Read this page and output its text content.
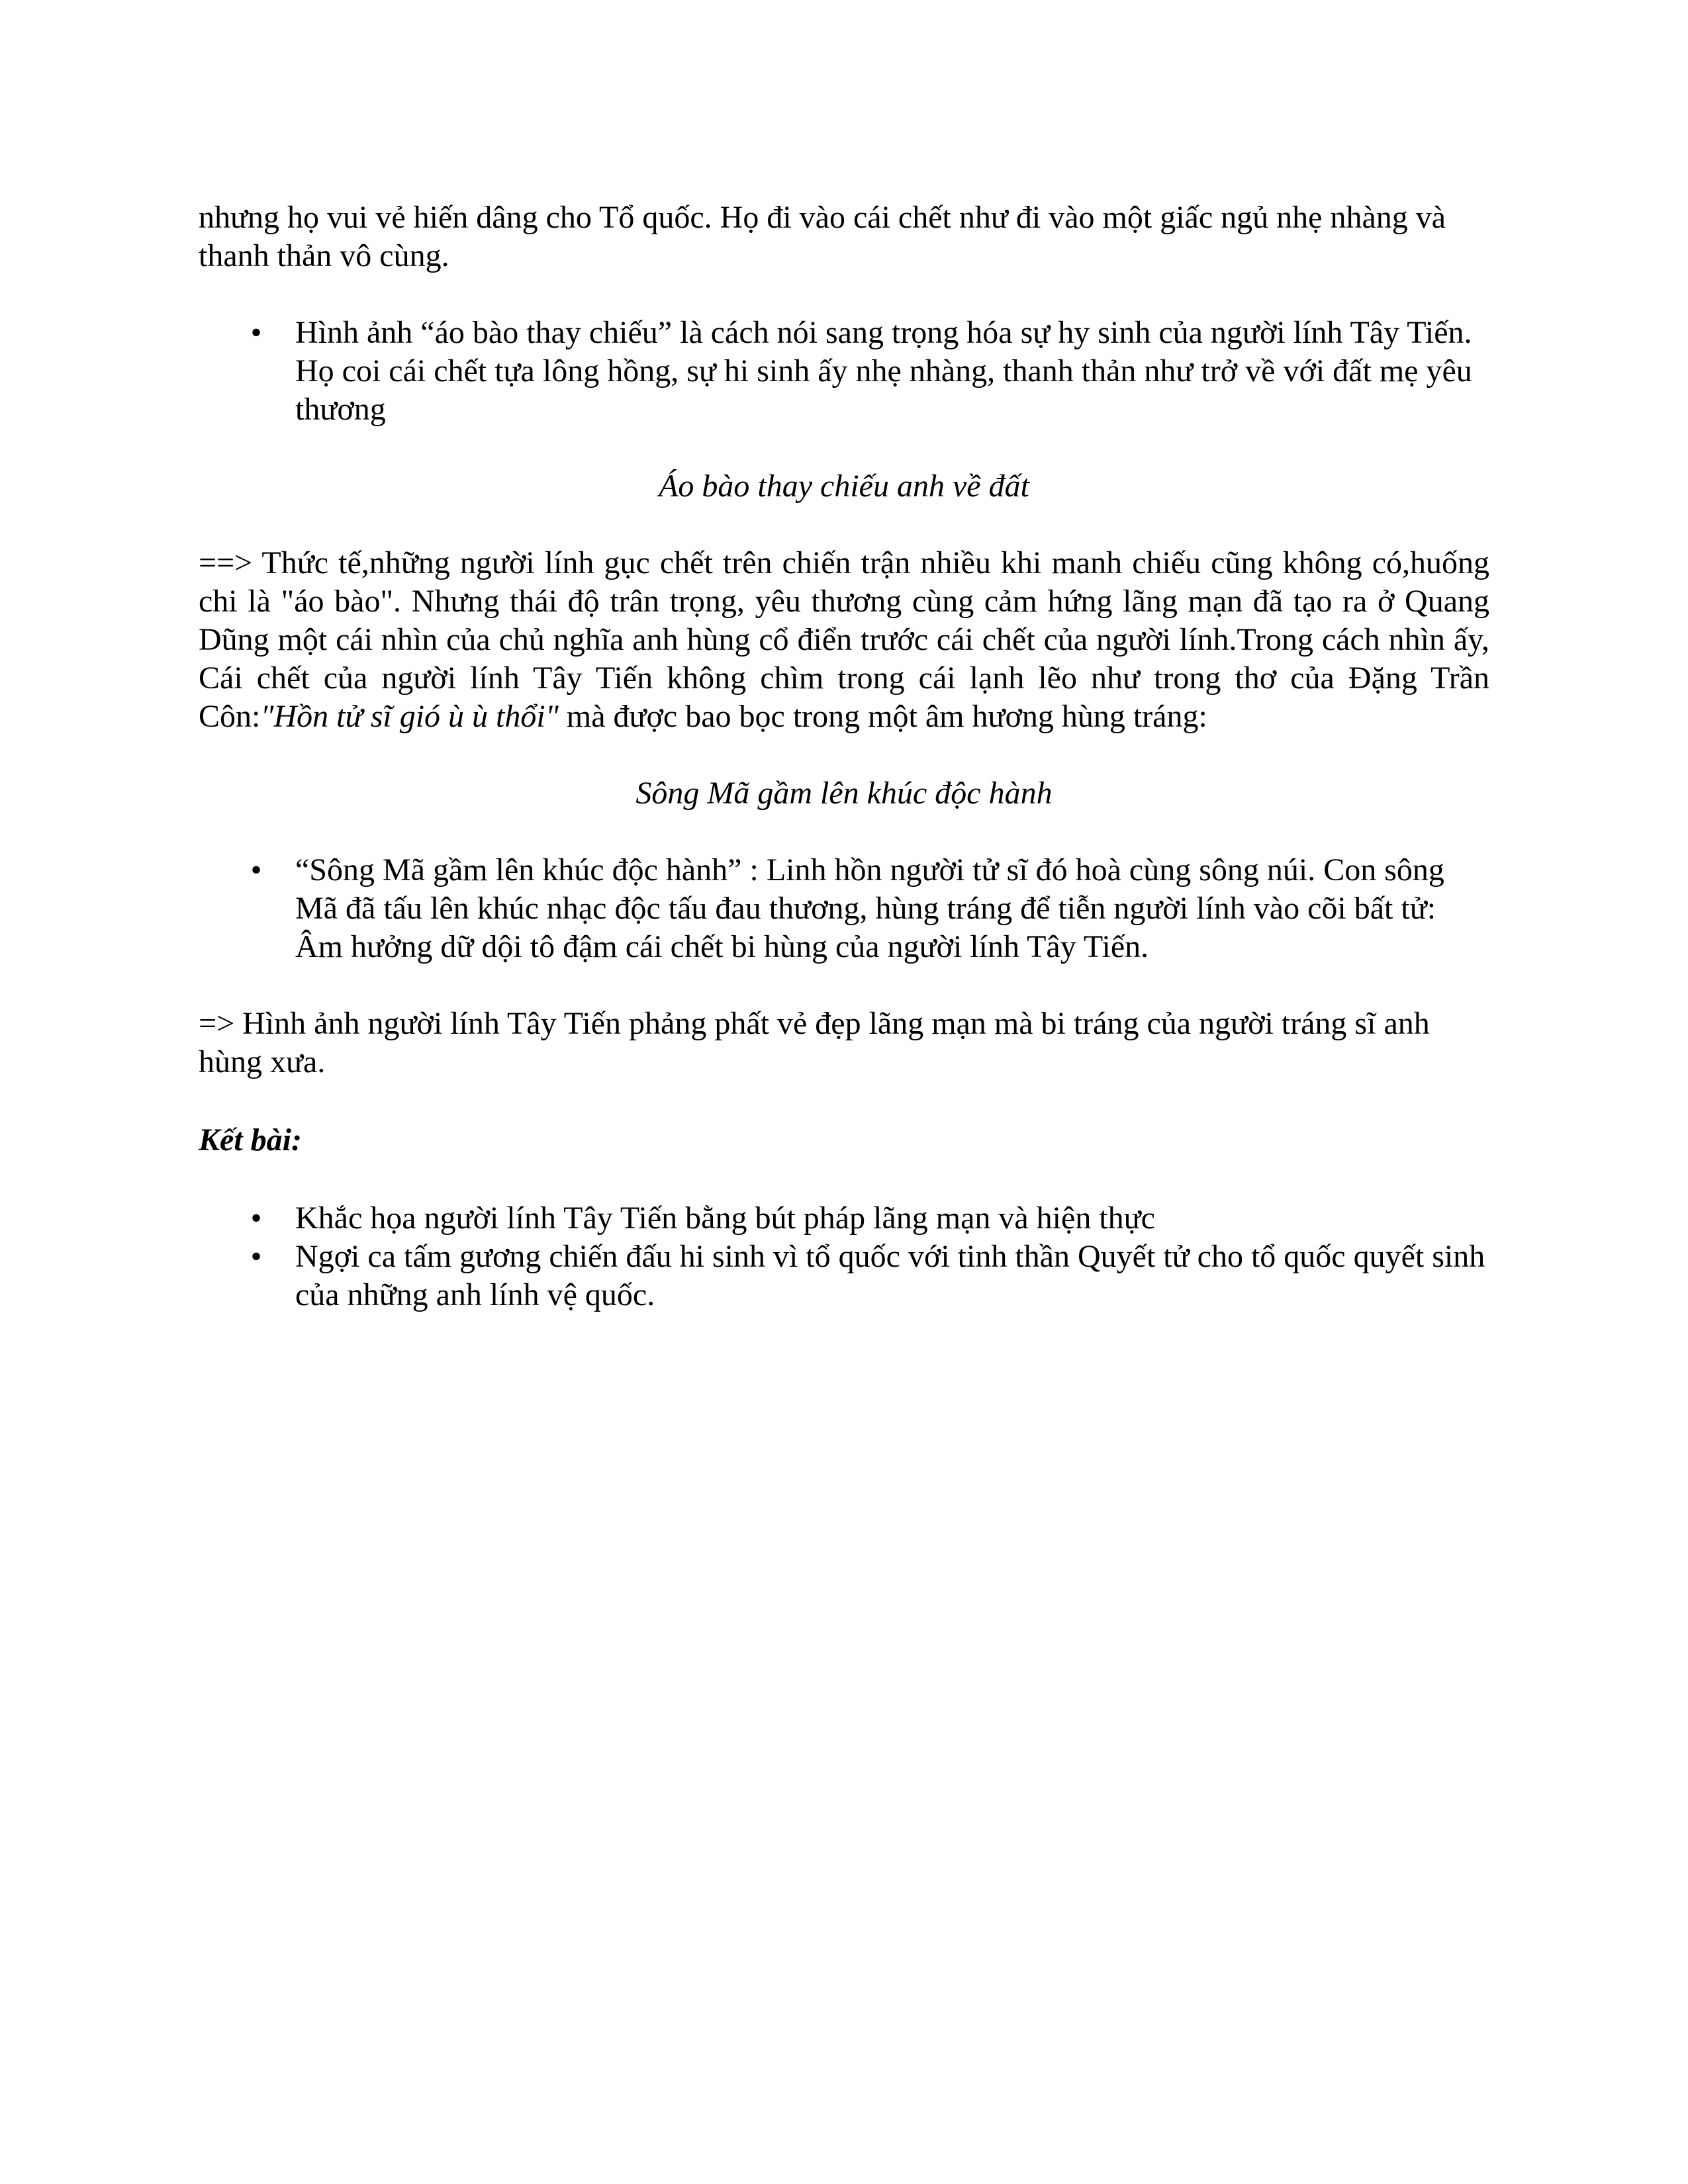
nhưng họ vui vẻ hiến dâng cho Tổ quốc. Họ đi vào cái chết như đi vào một giấc ngủ nhẹ nhàng và thanh thản vô cùng.

•
Hình ảnh “áo bào thay chiếu” là cách nói sang trọng hóa sự hy sinh của người lính Tây Tiến. Họ coi cái chết tựa lông hồng, sự hi sinh ấy nhẹ nhàng, thanh thản như trở về với đất mẹ yêu thương

Áo bào thay chiếu anh về đất

==> Thức tế,những người lính gục chết trên chiến trận nhiều khi manh chiếu cũng không có,huống chi là "áo bào". Nhưng thái độ trân trọng, yêu thương cùng cảm hứng lãng mạn đã tạo ra ở Quang Dũng một cái nhìn của chủ nghĩa anh hùng cổ điển trước cái chết của người lính.Trong cách nhìn ấy, Cái chết của người lính Tây Tiến không chìm trong cái lạnh lẽo như trong thơ của Đặng Trần Côn:"Hồn tử sĩ gió ù ù thổi" mà được bao bọc trong một âm hương hùng tráng:

Sông Mã gầm lên khúc độc hành

•
“Sông Mã gầm lên khúc độc hành” : Linh hồn người tử sĩ đó hoà cùng sông núi. Con sông Mã đã tấu lên khúc nhạc độc tấu đau thương, hùng tráng để tiễn người lính vào cõi bất tử: Âm hưởng dữ dội tô đậm cái chết bi hùng của người lính Tây Tiến.

=> Hình ảnh người lính Tây Tiến phảng phất vẻ đẹp lãng mạn mà bi tráng của người tráng sĩ anh hùng xưa.

Kết bài:

•
Khắc họa người lính Tây Tiến bằng bút pháp lãng mạn và hiện thực
•
Ngợi ca tấm gương chiến đấu hi sinh vì tổ quốc với tinh thần Quyết tử cho tổ quốc quyết sinh của những anh lính vệ quốc.
